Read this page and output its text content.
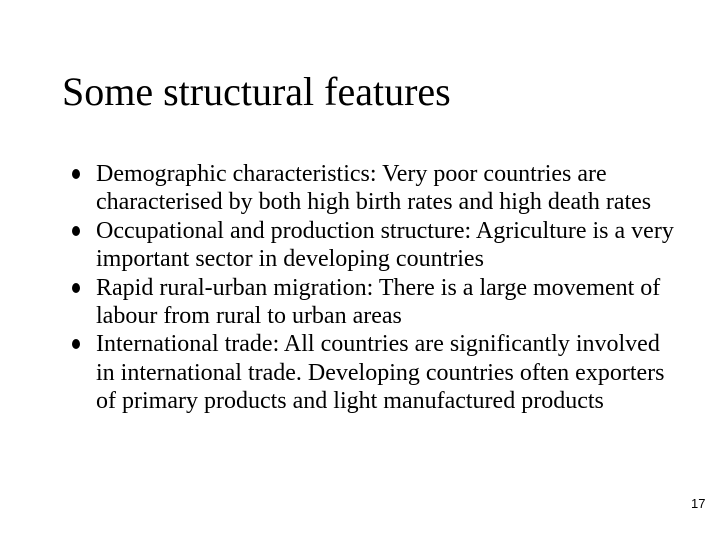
Some structural features
Demographic characteristics: Very poor countries are characterised by both high birth rates and high death rates
Occupational and production structure: Agriculture is a very important sector in developing countries
Rapid rural-urban migration: There is a large movement of labour from rural to urban areas
International trade: All countries are significantly involved in international trade. Developing countries often exporters of primary products and light manufactured products
17
